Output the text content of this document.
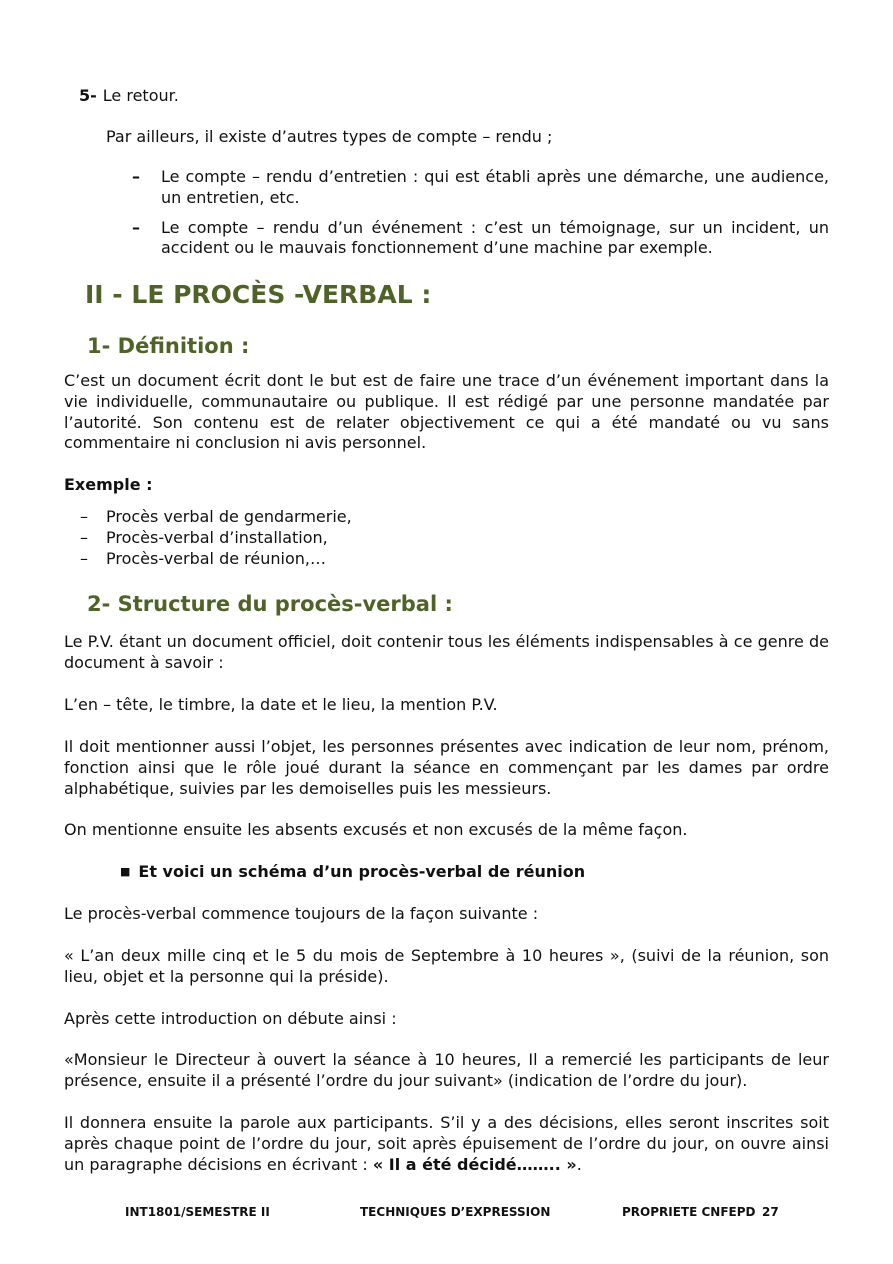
5- Le retour.
Par ailleurs, il existe d’autres types de compte – rendu ;
– Le compte – rendu d’entretien : qui est établi après une démarche, une audience, un entretien, etc.
– Le compte – rendu d’un événement : c’est un témoignage, sur un incident, un accident ou le mauvais fonctionnement d’une machine par exemple.
II - LE PROCÈS -VERBAL :
1- Définition :

C’est un document écrit dont le but est de faire une trace d’un événement important dans la vie individuelle, communautaire ou publique. Il est rédigé par une personne mandatée par l’autorité. Son contenu est de relater objectivement ce qui a été mandaté ou vu sans commentaire ni conclusion ni avis personnel.

Exemple :
– Procès verbal de gendarmerie,
– Procès-verbal d’installation,
– Procès-verbal de réunion,…
2- Structure du procès-verbal :

Le P.V. étant un document officiel, doit contenir tous les éléments indispensables à ce genre de document à savoir :

L’en – tête, le timbre, la date et le lieu, la mention P.V.

Il doit mentionner aussi l’objet, les personnes présentes avec indication de leur nom, prénom, fonction ainsi que le rôle joué durant la séance en commençant par les dames par ordre alphabétique, suivies par les demoiselles puis les messieurs.

On mentionne ensuite les absents excusés et non excusés de la même façon.

■ Et voici un schéma d’un procès-verbal de réunion

Le procès-verbal commence toujours de la façon suivante :

« L’an deux mille cinq et le 5 du mois de Septembre à 10 heures », (suivi de la réunion, son lieu, objet et la personne qui la préside).

Après cette introduction on débute ainsi :

«Monsieur le Directeur à ouvert la séance à 10 heures, Il a remercié les participants de leur présence, ensuite il a présenté l’ordre du jour suivant» (indication de l’ordre du jour).

Il donnera ensuite la parole aux participants. S’il y a des décisions, elles seront inscrites soit après chaque point de l’ordre du jour, soit après épuisement de l’ordre du jour, on ouvre ainsi un paragraphe décisions en écrivant : « Il a été décidé…….. ».

INT1801/SEMESTRE II	TECHNIQUES D’EXPRESSION	PROPRIETE CNFEPD 27
